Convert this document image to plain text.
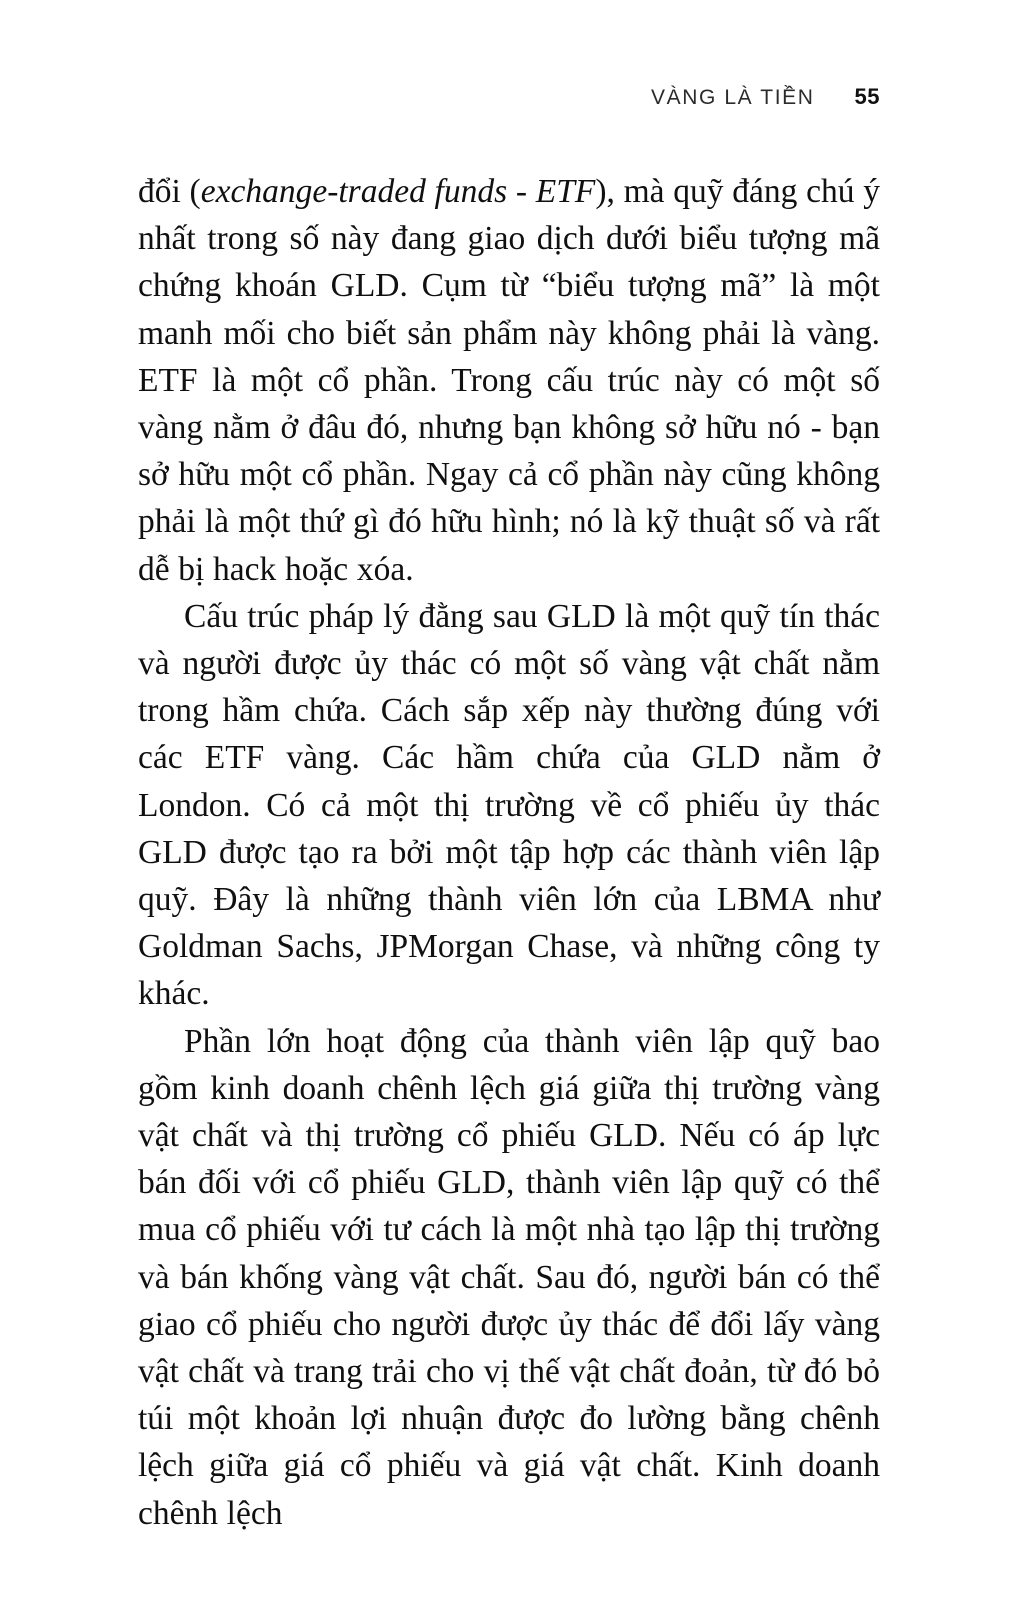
VÀNG LÀ TIỀN 55

đổi (exchange-traded funds - ETF), mà quỹ đáng chú ý nhất trong số này đang giao dịch dưới biểu tượng mã chứng khoán GLD. Cụm từ “biểu tượng mã” là một manh mối cho biết sản phẩm này không phải là vàng. ETF là một cổ phần. Trong cấu trúc này có một số vàng nằm ở đâu đó, nhưng bạn không sở hữu nó - bạn sở hữu một cổ phần. Ngay cả cổ phần này cũng không phải là một thứ gì đó hữu hình; nó là kỹ thuật số và rất dễ bị hack hoặc xóa.

Cấu trúc pháp lý đằng sau GLD là một quỹ tín thác và người được ủy thác có một số vàng vật chất nằm trong hầm chứa. Cách sắp xếp này thường đúng với các ETF vàng. Các hầm chứa của GLD nằm ở London. Có cả một thị trường về cổ phiếu ủy thác GLD được tạo ra bởi một tập hợp các thành viên lập quỹ. Đây là những thành viên lớn của LBMA như Goldman Sachs, JPMorgan Chase, và những công ty khác.

Phần lớn hoạt động của thành viên lập quỹ bao gồm kinh doanh chênh lệch giá giữa thị trường vàng vật chất và thị trường cổ phiếu GLD. Nếu có áp lực bán đối với cổ phiếu GLD, thành viên lập quỹ có thể mua cổ phiếu với tư cách là một nhà tạo lập thị trường và bán khống vàng vật chất. Sau đó, người bán có thể giao cổ phiếu cho người được ủy thác để đổi lấy vàng vật chất và trang trải cho vị thế vật chất đoản, từ đó bỏ túi một khoản lợi nhuận được đo lường bằng chênh lệch giữa giá cổ phiếu và giá vật chất. Kinh doanh chênh lệch
